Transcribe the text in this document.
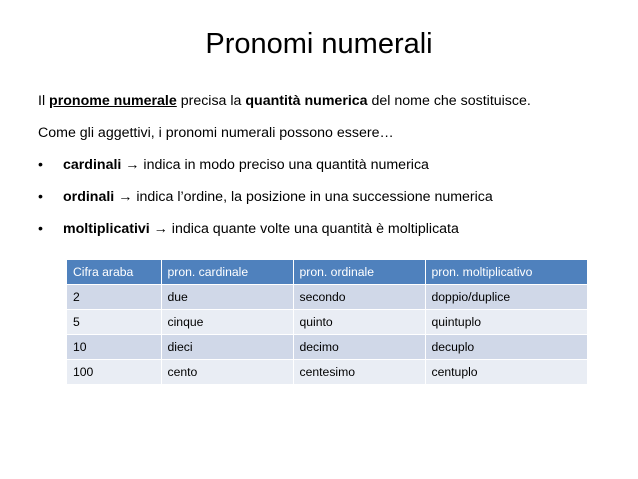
Pronomi numerali
Il pronome numerale precisa la quantità numerica del nome che sostituisce.
Come gli aggettivi, i pronomi numerali possono essere…
• cardinali → indica in modo preciso una quantità numerica
• ordinali → indica l’ordine, la posizione in una successione numerica
• moltiplicativi → indica quante volte una quantità è moltiplicata
Cifra araba	pron. cardinale	pron. ordinale	pron. moltiplicativo
2	due	secondo	doppio/duplice
5	cinque	quinto	quintuplo
10	dieci	decimo	decuplo
100	cento	centesimo	centuplo
